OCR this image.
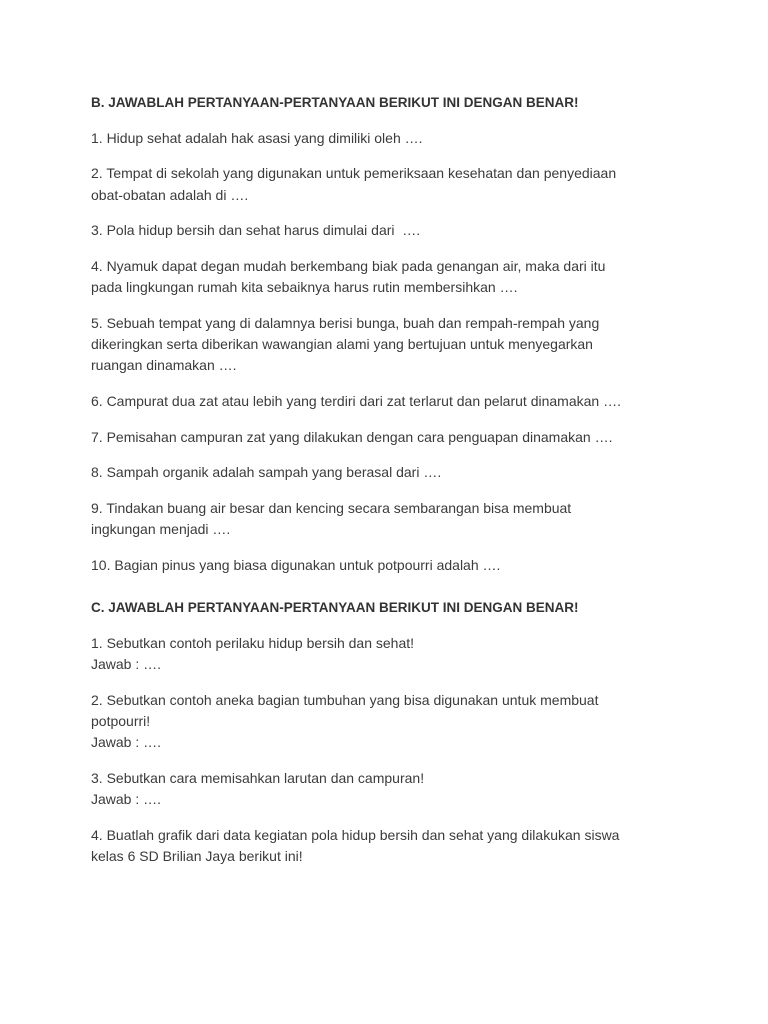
B. JAWABLAH PERTANYAAN-PERTANYAAN BERIKUT INI DENGAN BENAR!
1. Hidup sehat adalah hak asasi yang dimiliki oleh ….
2. Tempat di sekolah yang digunakan untuk pemeriksaan kesehatan dan penyediaan
obat-obatan adalah di ….
3. Pola hidup bersih dan sehat harus dimulai dari  ….
4. Nyamuk dapat degan mudah berkembang biak pada genangan air, maka dari itu
pada lingkungan rumah kita sebaiknya harus rutin membersihkan ….
5. Sebuah tempat yang di dalamnya berisi bunga, buah dan rempah-rempah yang
dikeringkan serta diberikan wawangian alami yang bertujuan untuk menyegarkan
ruangan dinamakan ….
6. Campurat dua zat atau lebih yang terdiri dari zat terlarut dan pelarut dinamakan ….
7. Pemisahan campuran zat yang dilakukan dengan cara penguapan dinamakan ….
8. Sampah organik adalah sampah yang berasal dari ….
9. Tindakan buang air besar dan kencing secara sembarangan bisa membuat
ingkungan menjadi ….
10. Bagian pinus yang biasa digunakan untuk potpourri adalah ….
C. JAWABLAH PERTANYAAN-PERTANYAAN BERIKUT INI DENGAN BENAR!
1. Sebutkan contoh perilaku hidup bersih dan sehat!
Jawab : ….
2. Sebutkan contoh aneka bagian tumbuhan yang bisa digunakan untuk membuat
potpourri!
Jawab : ….
3. Sebutkan cara memisahkan larutan dan campuran!
Jawab : ….
4. Buatlah grafik dari data kegiatan pola hidup bersih dan sehat yang dilakukan siswa
kelas 6 SD Brilian Jaya berikut ini!
